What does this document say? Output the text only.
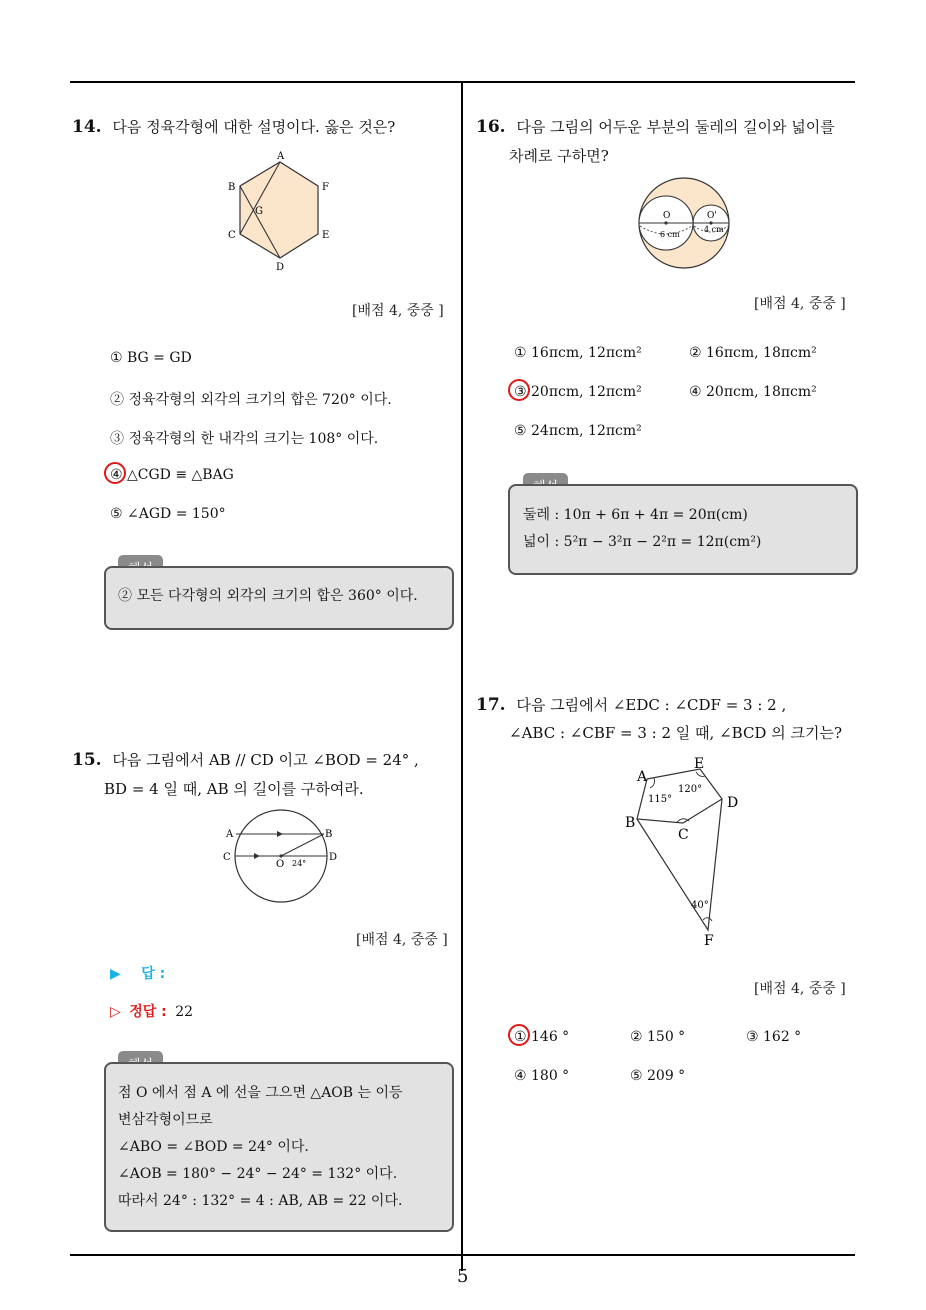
14. 다음 정육각형에 대한 설명이다. 옳은 것은?
A
B	F
G
C	E
D
[배점 4, 중중 ]
① BG = GD
② 정육각형의 외각의 크기의 합은 720° 이다.
③ 정육각형의 한 내각의 크기는 108° 이다.
④ △CGD ≡ △BAG
⑤ ∠AGD = 150°
② 모든 다각형의 외각의 크기의 합은 360° 이다.
15. 다음 그림에서 AB // CD 이고 ∠BOD = 24° ,
BD = 4 일 때, AB 의 길이를 구하여라.
A	B
C	D
O 24°
[배점 4, 중중 ]
▶ 답 :
▷ 정답 : 22
점 O 에서 점 A 에 선을 그으면 △AOB 는 이등
변삼각형이므로
∠ABO = ∠BOD = 24° 이다.
∠AOB = 180° − 24° − 24° = 132° 이다.
따라서 24° : 132° = 4 : AB, AB = 22 이다.
16. 다음 그림의 어두운 부분의 둘레의 길이와 넓이를
차례로 구하면?
O	O'
6 cm
4 cm
[배점 4, 중중 ]
① 16πcm, 12πcm²	② 16πcm, 18πcm²
③ 20πcm, 12πcm²	④ 20πcm, 18πcm²
⑤ 24πcm, 12πcm²
둘레 : 10π + 6π + 4π = 20π(cm)
넓이 : 5²π − 3²π − 2²π = 12π(cm²)
17. 다음 그림에서 ∠EDC : ∠CDF = 3 : 2 ,
∠ABC : ∠CBF = 3 : 2 일 때, ∠BCD 의 크기는?
A
E
115°
120°
D
B
C
40°
F
[배점 4, 중중 ]
① 146 °	② 150 °	③ 162 °
④ 180 °	⑤ 209 °
5
